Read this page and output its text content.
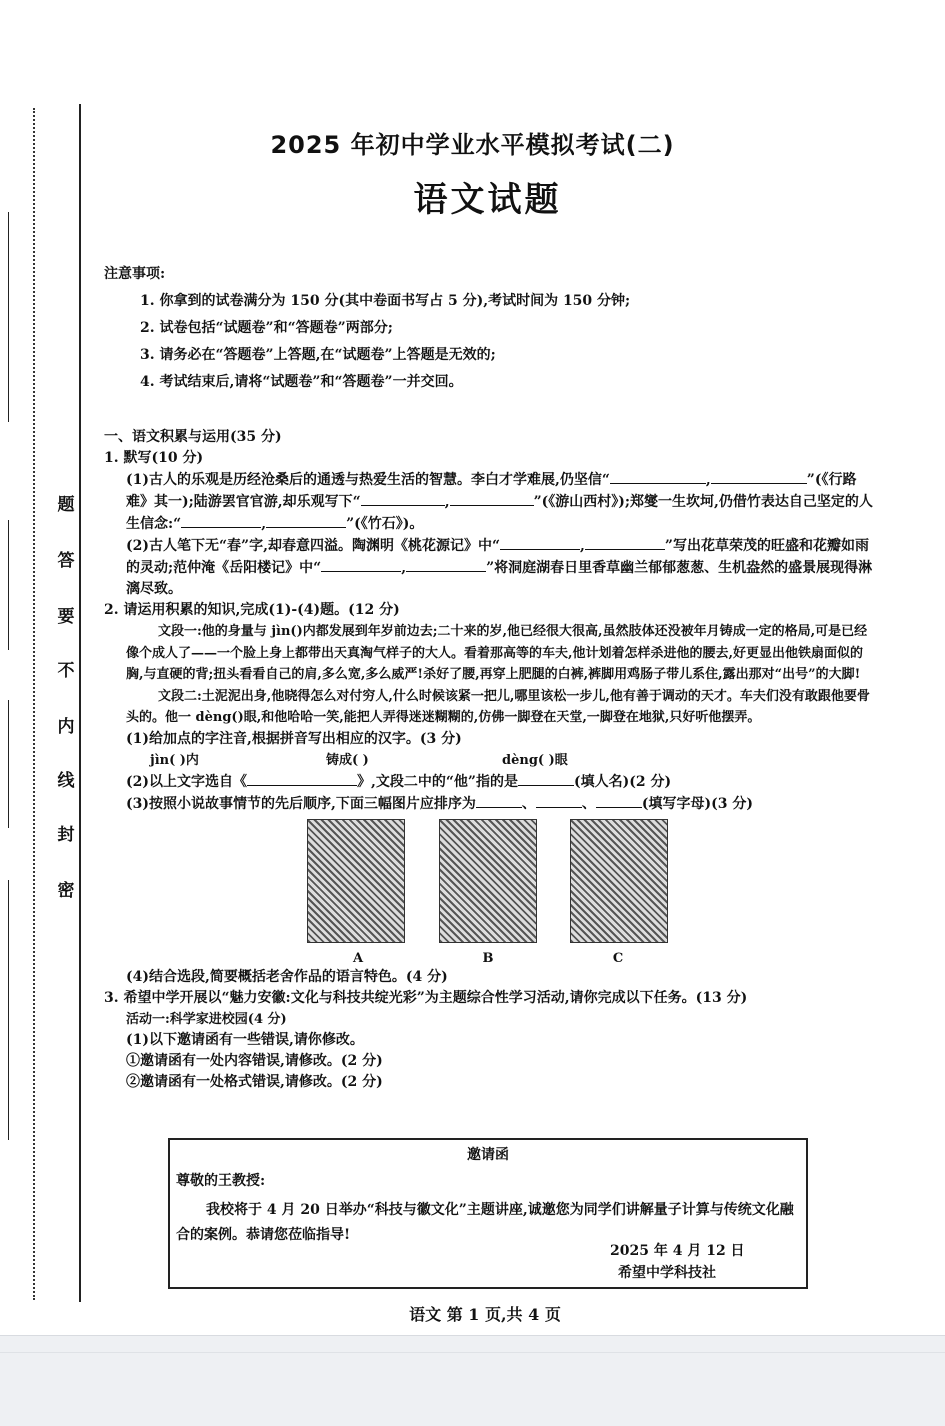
密
封
线
内
不
要
答
题
2025 年初中学业水平模拟考试(二)
语文试题
注意事项:
1. 你拿到的试卷满分为 150 分(其中卷面书写占 5 分),考试时间为 150 分钟;
2. 试卷包括“试题卷”和“答题卷”两部分;
3. 请务必在“答题卷”上答题,在“试题卷”上答题是无效的;
4. 考试结束后,请将“试题卷”和“答题卷”一并交回。
一、语文积累与运用(35 分)
1. 默写(10 分)
(1)古人的乐观是历经沧桑后的通透与热爱生活的智慧。李白才学难展,仍坚信“	,	”(《行路难》其一);陆游罢官官游,却乐观写下“	,	”(《游山西村》);郑燮一生坎坷,仍借竹表达自己坚定的人生信念:“	,	”(《竹石》)。
(2)古人笔下无“春”字,却春意四溢。陶渊明《桃花源记》中“	,	”写出花草荣茂的旺盛和花瓣如雨的灵动;范仲淹《岳阳楼记》中“	,	”将洞庭湖春日里香草幽兰郁郁葱葱、生机盎然的盛景展现得淋漓尽致。
2. 请运用积累的知识,完成(1)-(4)题。(12 分)
文段一:他的身量与 jìn()内都发展到年岁前边去;二十来的岁,他已经很大很高,虽然肢体还没被年月铸成一定的格局,可是已经像个成人了——一个脸上身上都带出天真淘气样子的大人。看着那高等的车夫,他计划着怎样杀进他的腰去,好更显出他铁扇面似的胸,与直硬的背;扭头看看自己的肩,多么宽,多么威严!杀好了腰,再穿上肥腿的白裤,裤脚用鸡肠子带儿系住,露出那对“出号”的大脚!
文段二:土泥泥出身,他晓得怎么对付穷人,什么时候该紧一把儿,哪里该松一步儿,他有善于调动的天才。车夫们没有敢跟他要骨头的。他一 dèng()眼,和他哈哈一笑,能把人弄得迷迷糊糊的,仿佛一脚登在天堂,一脚登在地狱,只好听他摆弄。
(1)给加点的字注音,根据拼音写出相应的汉字。(3 分)
jìn( )内	铸成( )	dèng( )眼
(2)以上文字选自《	》,文段二中的“他”指的是	(填人名)(2 分)
(3)按照小说故事情节的先后顺序,下面三幅图片应排序为	、	、	(填写字母)(3 分)
A	B	C
(4)结合选段,简要概括老舍作品的语言特色。(4 分)
3. 希望中学开展以“魅力安徽:文化与科技共绽光彩”为主题综合性学习活动,请你完成以下任务。(13 分)
活动一:科学家进校园(4 分)
(1)以下邀请函有一些错误,请你修改。
①邀请函有一处内容错误,请修改。(2 分)
②邀请函有一处格式错误,请修改。(2 分)
邀请函
尊敬的王教授:
我校将于 4 月 20 日举办“科技与徽文化”主题讲座,诚邀您为同学们讲解量子计算与传统文化融合的案例。恭请您莅临指导!
2025 年 4 月 12 日
希望中学科技社
语文 第 1 页,共 4 页
